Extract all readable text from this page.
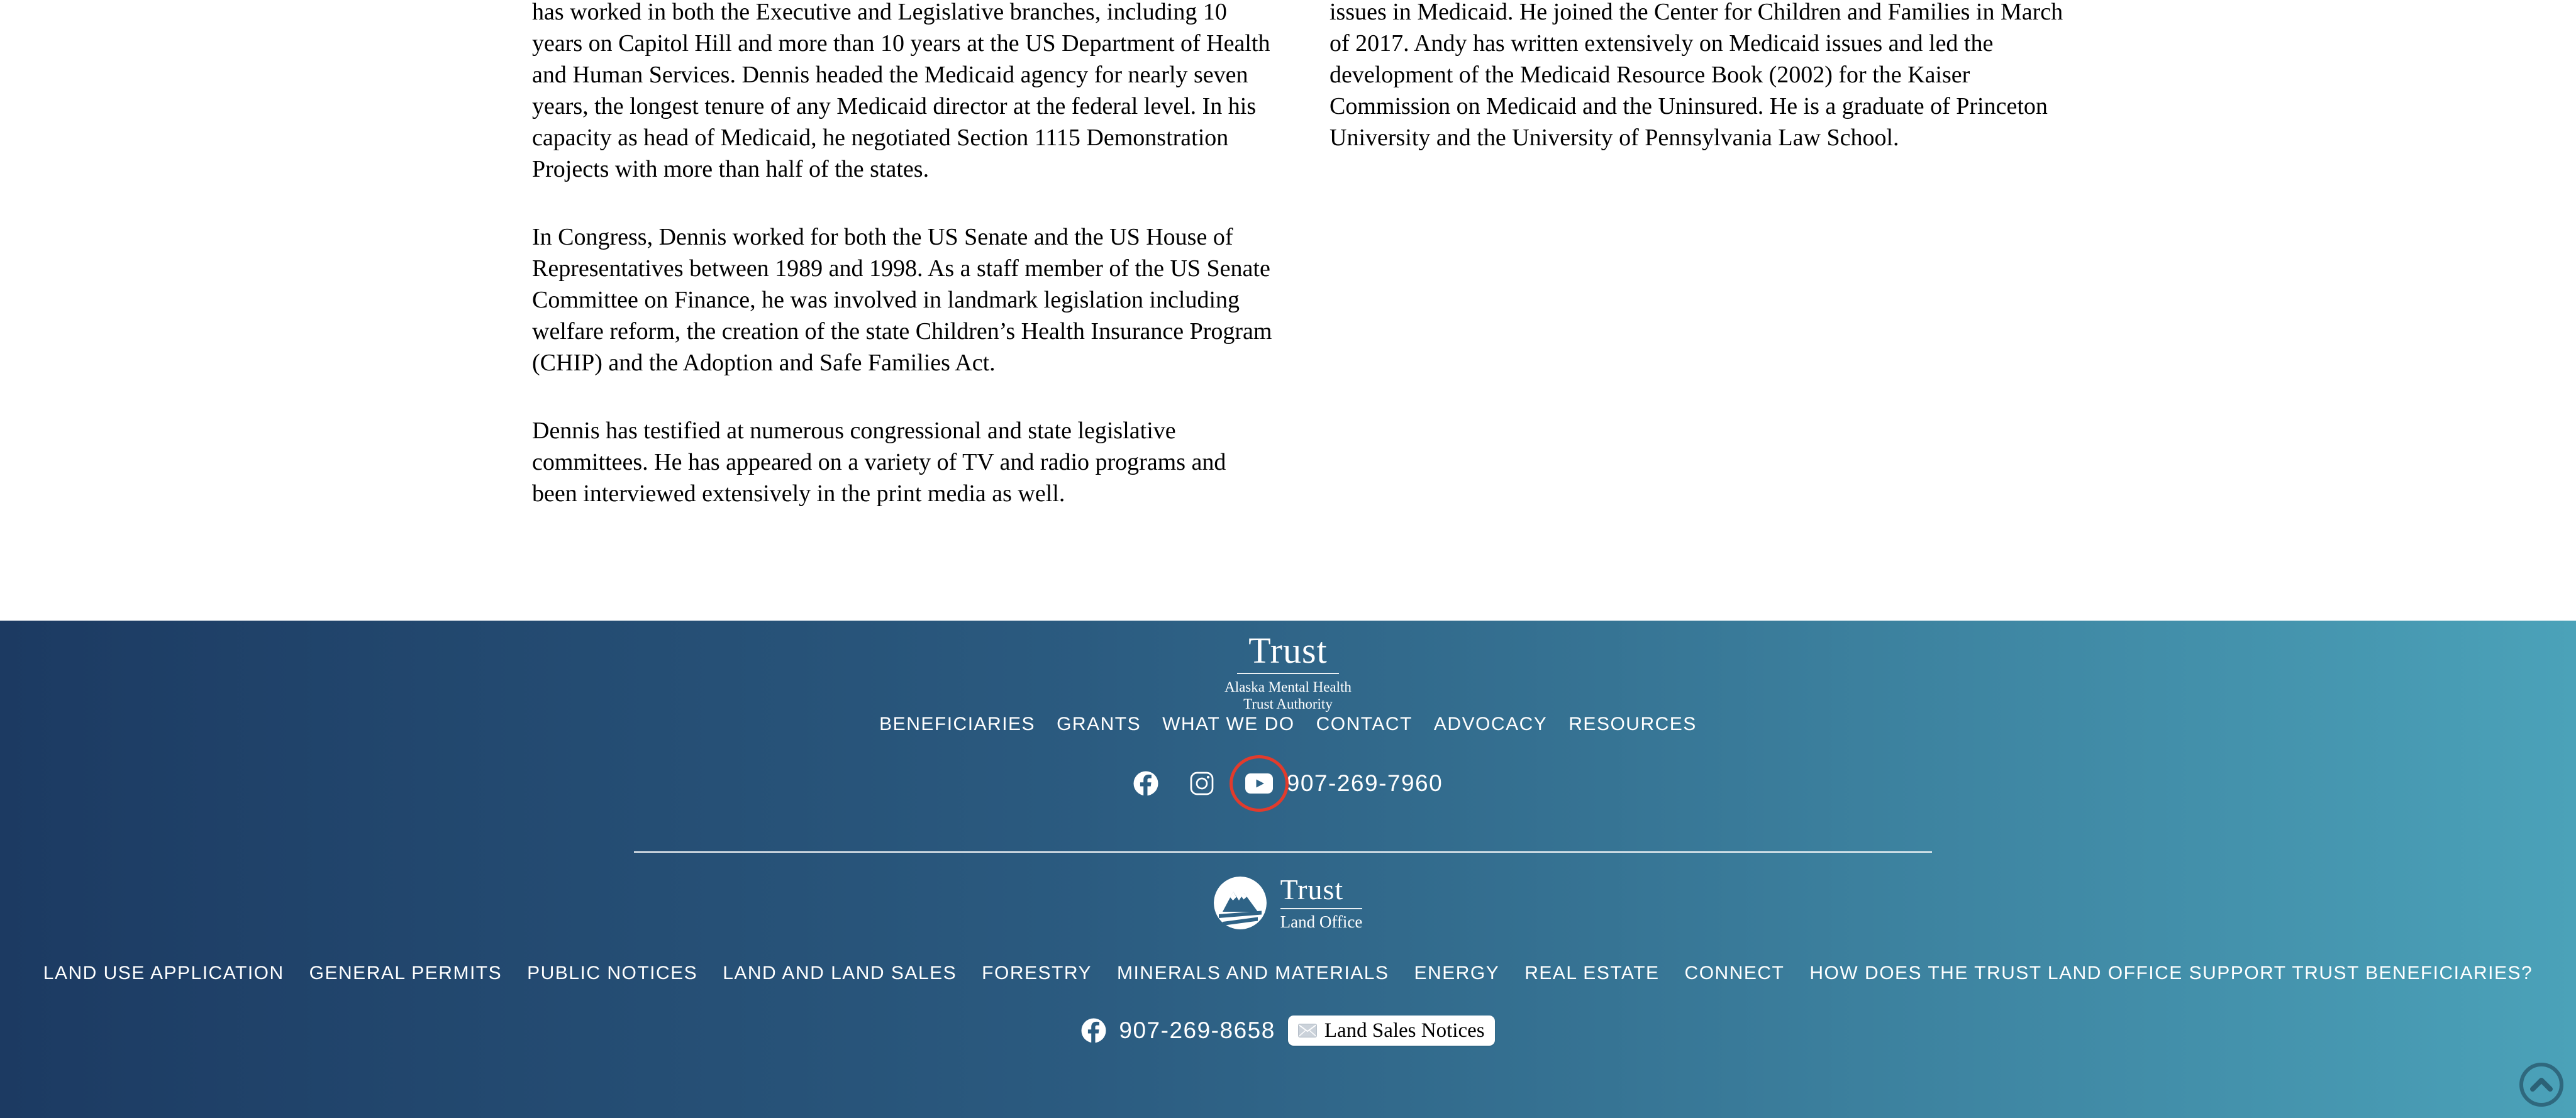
has worked in both the Executive and Legislative branches, including 10 years on Capitol Hill and more than 10 years at the US Department of Health and Human Services. Dennis headed the Medicaid agency for nearly seven years, the longest tenure of any Medicaid director at the federal level. In his capacity as head of Medicaid, he negotiated Section 1115 Demonstration Projects with more than half of the states.

In Congress, Dennis worked for both the US Senate and the US House of Representatives between 1989 and 1998. As a staff member of the US Senate Committee on Finance, he was involved in landmark legislation including welfare reform, the creation of the state Children’s Health Insurance Program (CHIP) and the Adoption and Safe Families Act.

Dennis has testified at numerous congressional and state legislative committees. He has appeared on a variety of TV and radio programs and been interviewed extensively in the print media as well.

issues in Medicaid. He joined the Center for Children and Families in March of 2017. Andy has written extensively on Medicaid issues and led the development of the Medicaid Resource Book (2002) for the Kaiser Commission on Medicaid and the Uninsured. He is a graduate of Princeton University and the University of Pennsylvania Law School.

Trust
Alaska Mental Health
Trust Authority
BENEFICIARIES GRANTS WHAT WE DO CONTACT ADVOCACY RESOURCES
907-269-7960
Trust
Land Office
LAND USE APPLICATION GENERAL PERMITS PUBLIC NOTICES LAND AND LAND SALES FORESTRY MINERALS AND MATERIALS ENERGY REAL ESTATE CONNECT HOW DOES THE TRUST LAND OFFICE SUPPORT TRUST BENEFICIARIES?
907-269-8658 Land Sales Notices
